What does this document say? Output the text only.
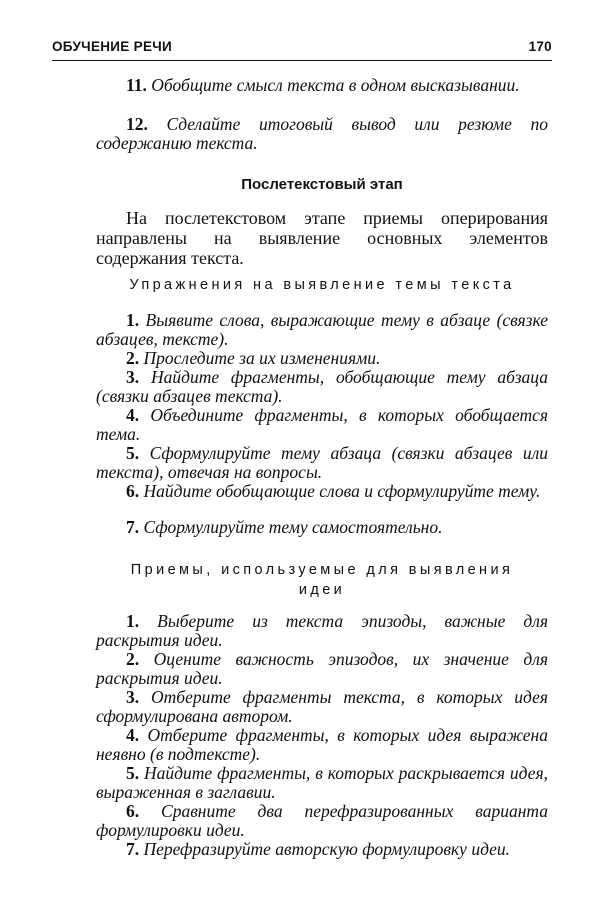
ОБУЧЕНИЕ РЕЧИ	170
11. Обобщите смысл текста в одном высказывании.
12. Сделайте итоговый вывод или резюме по содержанию текста.
Послетекстовый этап
На послетекстовом этапе приемы оперирования направлены на выявление основных элементов содержания текста.
Упражнения на выявление темы текста
1. Выявите слова, выражающие тему в абзаце (связке абзацев, тексте).
2. Проследите за их изменениями.
3. Найдите фрагменты, обобщающие тему абзаца (связки абзацев текста).
4. Объедините фрагменты, в которых обобщается тема.
5. Сформулируйте тему абзаца (связки абзацев или текста), отвечая на вопросы.
6. Найдите обобщающие слова и сформулируйте тему.
7. Сформулируйте тему самостоятельно.
Приемы, используемые для выявления
идеи
1. Выберите из текста эпизоды, важные для раскрытия идеи.
2. Оцените важность эпизодов, их значение для раскрытия идеи.
3. Отберите фрагменты текста, в которых идея сформулирована автором.
4. Отберите фрагменты, в которых идея выражена неявно (в подтексте).
5. Найдите фрагменты, в которых раскрывается идея, выраженная в заглавии.
6. Сравните два перефразированных варианта формулировки идеи.
7. Перефразируйте авторскую формулировку идеи.
